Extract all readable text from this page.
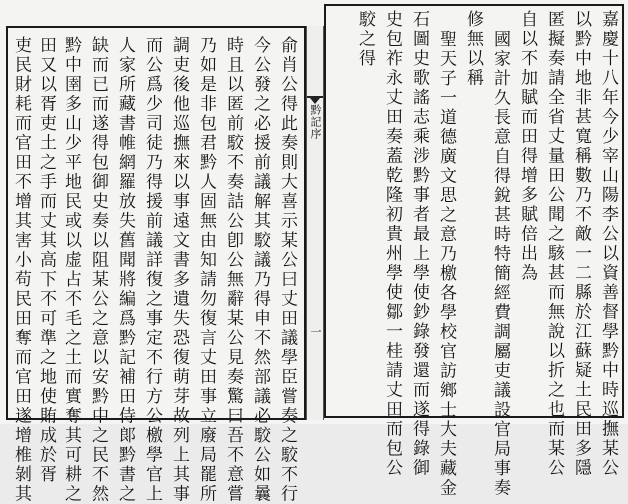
俞肖公得此奏則大喜示某公曰丈田議學臣嘗奏之駮不行
今公發之必援前議解其駮議乃得申不然部議必駮公如曩
時且以匿前駮不奏詰公卽公無辭某公見奏驚曰吾不意嘗
乃如是非包君黔人固無由知請勿復言丈田事立廢局罷所
調吏後他巡撫來以事遠文書多遺失恐復萌芽故列上其事
而公爲少司徒乃得援前議詳復之事定不行方公檄學官上
人家所藏書帷網羅放失舊聞將編爲黔記補田侍郞黔書之
缺而已而遂得包御史奏以阻某公之意以安黔中之民不然
黔中圉多山少平地民或以虚占不毛之土而實奪其可耕之
田又以胥吏土之手而丈其高下不可準之地使賄成於胥
吏民財耗而官田不增其害小苟民田奪而官田遂增椎剝其	黔記序
一	嘉慶十八年今少宰山陽李公以資善督學黔中時巡撫某公
以黔中地非甚寬稱數乃不敵一二縣於江蘇疑土民田多隱
匿擬奏請全省丈量田公聞之駭甚而無說以折之也而某公
自以不加賦而田得增多賦倍出為
國家計久長意自得銳甚時特簡經費調屬吏議設官局事奏
修無以稱
聖天子一道德廣文思之意乃檄各學校官訪鄉士大夫藏金
石圖史歌謠志乘涉黔事者最上學使鈔錄發還而遂得錄御
史包祚永丈田奏蓋乾隆初貴州學使鄒一桂請丈田而包公
駮之得
